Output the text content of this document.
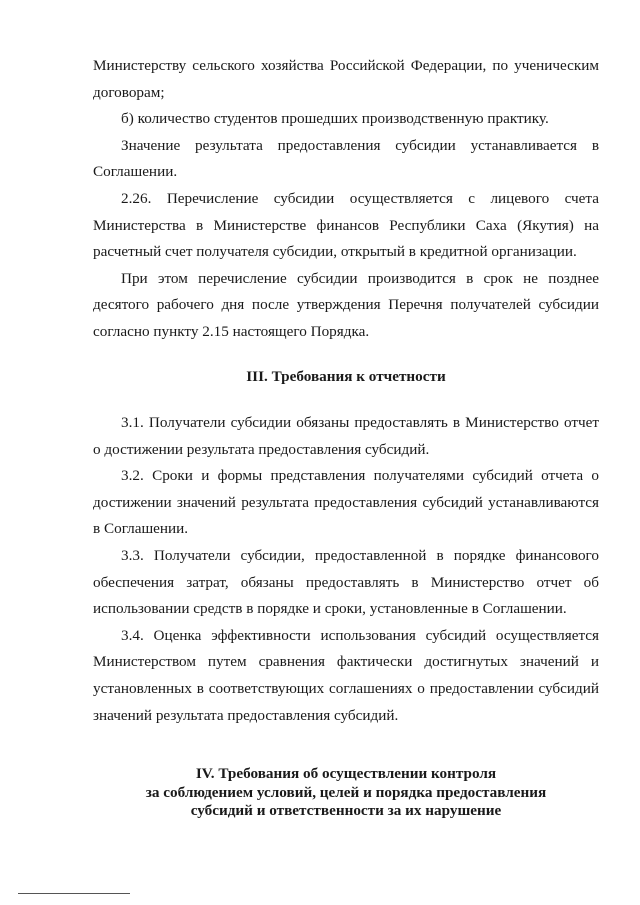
Министерству сельского хозяйства Российской Федерации, по ученическим договорам;

б) количество студентов прошедших производственную практику.

Значение результата предоставления субсидии устанавливается в Соглашении.

2.26. Перечисление субсидии осуществляется с лицевого счета Министерства в Министерстве финансов Республики Саха (Якутия) на расчетный счет получателя субсидии, открытый в кредитной организации.

При этом перечисление субсидии производится в срок не позднее десятого рабочего дня после утверждения Перечня получателей субсидии согласно пункту 2.15 настоящего Порядка.

III. Требования к отчетности

3.1. Получатели субсидии обязаны предоставлять в Министерство отчет о достижении результата предоставления субсидий.

3.2. Сроки и формы представления получателями субсидий отчета о достижении значений результата предоставления субсидий устанавливаются в Соглашении.

3.3. Получатели субсидии, предоставленной в порядке финансового обеспечения затрат, обязаны предоставлять в Министерство отчет об использовании средств в порядке и сроки, установленные в Соглашении.

3.4. Оценка эффективности использования субсидий осуществляется Министерством путем сравнения фактически достигнутых значений и установленных в соответствующих соглашениях о предоставлении субсидий значений результата предоставления субсидий.

IV. Требования об осуществлении контроля
за соблюдением условий, целей и порядка предоставления
субсидий и ответственности за их нарушение
